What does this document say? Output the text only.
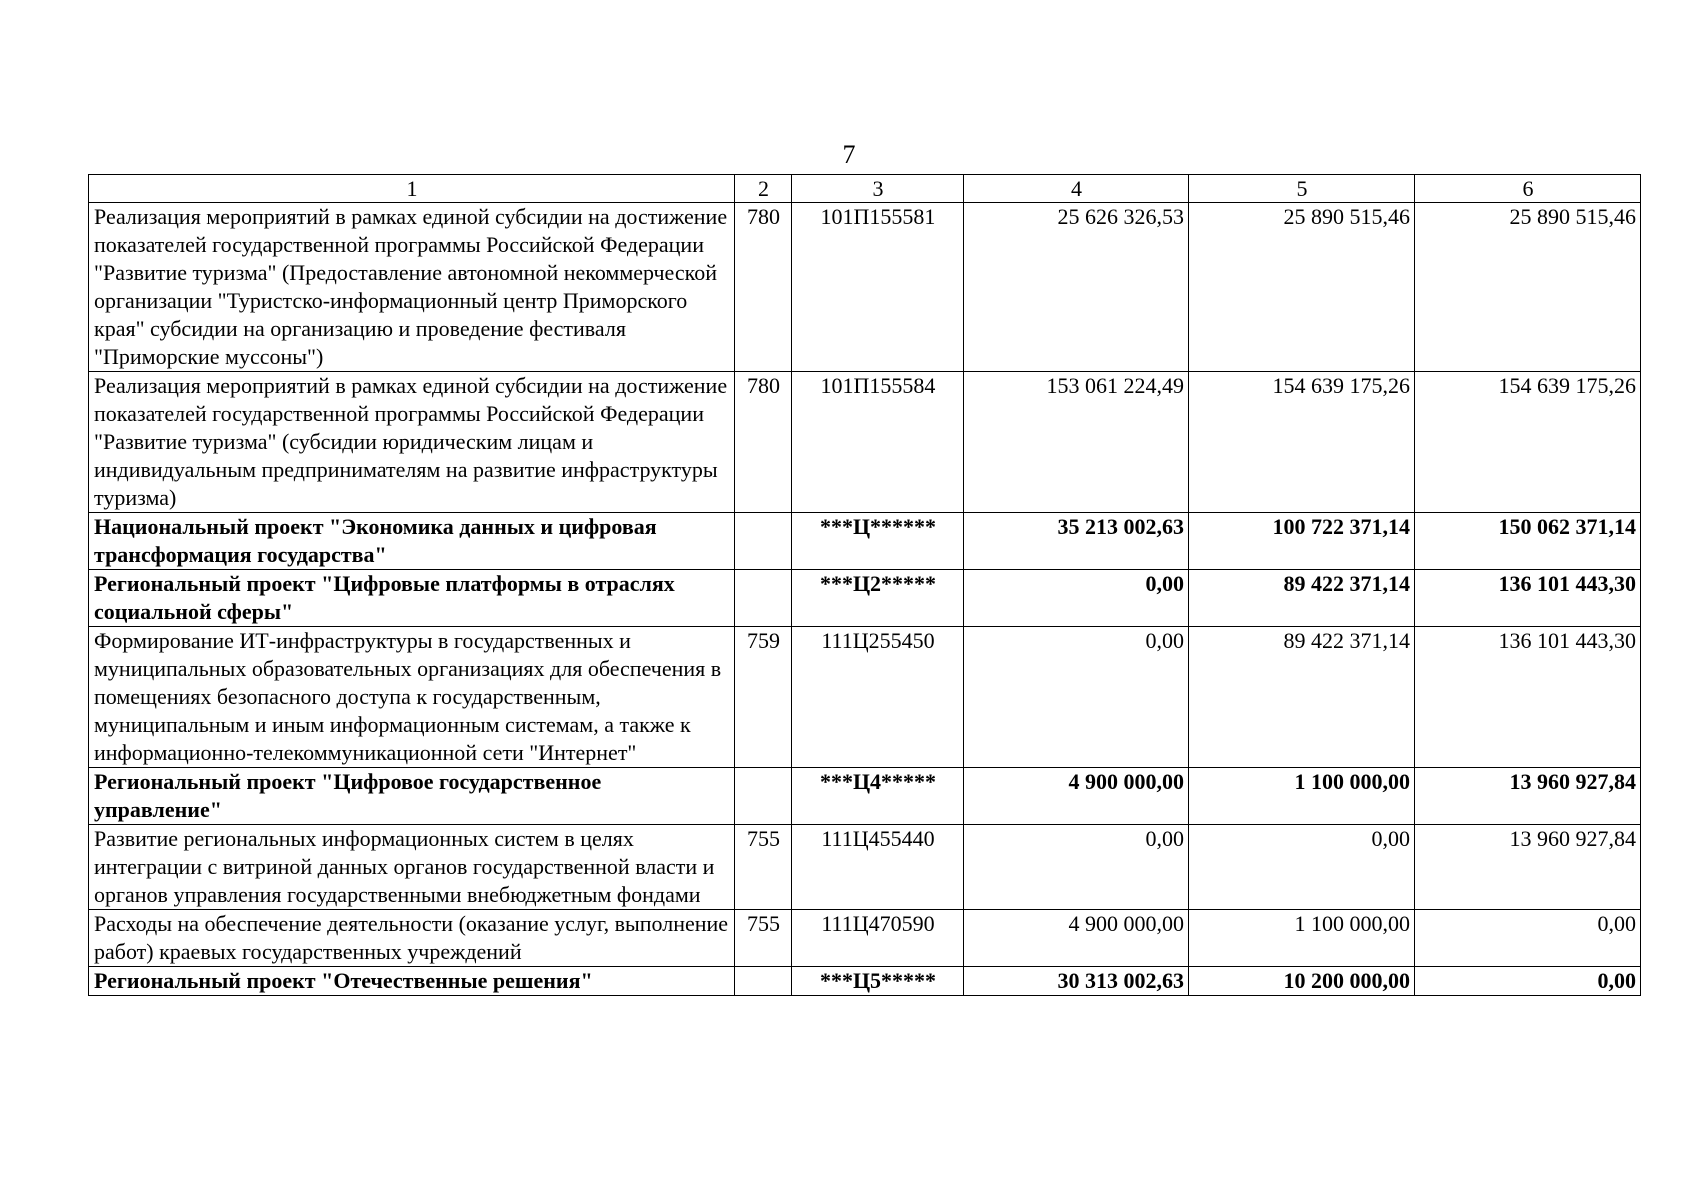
7
1	2	3	4	5	6
Реализация мероприятий в рамках единой субсидии на достижение показателей государственной программы Российской Федерации "Развитие туризма" (Предоставление автономной некоммерческой организации "Туристско-информационный центр Приморского края" субсидии на организацию и проведение фестиваля "Приморские муссоны")	780	101П155581	25 626 326,53	25 890 515,46	25 890 515,46
Реализация мероприятий в рамках единой субсидии на достижение показателей государственной программы Российской Федерации "Развитие туризма" (субсидии юридическим лицам и индивидуальным предпринимателям на развитие инфраструктуры туризма)	780	101П155584	153 061 224,49	154 639 175,26	154 639 175,26
Национальный проект "Экономика данных и цифровая трансформация государства"		***Ц******	35 213 002,63	100 722 371,14	150 062 371,14
Региональный проект "Цифровые платформы в отраслях социальной сферы"		***Ц2*****	0,00	89 422 371,14	136 101 443,30
Формирование ИТ-инфраструктуры в государственных и муниципальных образовательных организациях для обеспечения в помещениях безопасного доступа к государственным, муниципальным и иным информационным системам, а также к информационно-телекоммуникационной сети "Интернет"	759	111Ц255450	0,00	89 422 371,14	136 101 443,30
Региональный проект "Цифровое государственное управление"		***Ц4*****	4 900 000,00	1 100 000,00	13 960 927,84
Развитие региональных информационных систем в целях интеграции с витриной данных органов государственной власти и органов управления государственными внебюджетным фондами	755	111Ц455440	0,00	0,00	13 960 927,84
Расходы на обеспечение деятельности (оказание услуг, выполнение работ) краевых государственных учреждений	755	111Ц470590	4 900 000,00	1 100 000,00	0,00
Региональный проект "Отечественные решения"		***Ц5*****	30 313 002,63	10 200 000,00	0,00
